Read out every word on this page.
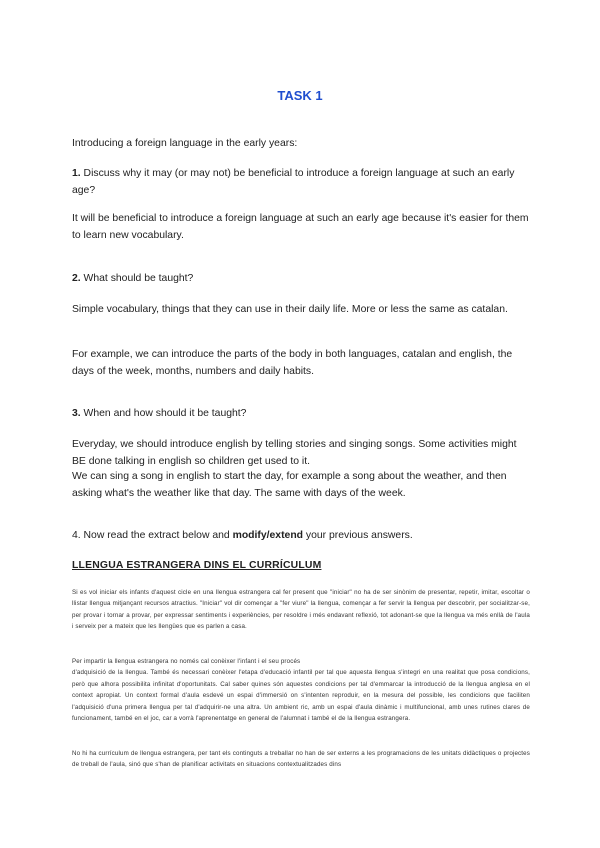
TASK 1

Introducing a foreign language in the early years:

1. Discuss why it may (or may not) be beneficial to introduce a foreign language at such an early age?

It will be beneficial to introduce a foreign language at such an early age because it's easier for them to learn new vocabulary.

2. What should be taught?

Simple vocabulary, things that they can use in their daily life. More or less the same as catalan.

For example, we can introduce the parts of the body in both languages, catalan and english, the days of the week, months, numbers and daily habits.

3. When and how should it be taught?

Everyday, we should introduce english by telling stories and singing songs. Some activities might BE done talking in english so children get used to it.

We can sing a song in english to start the day, for example a song about the weather, and then asking what's the weather like that day. The same with days of the week.

4. Now read the extract below and modify/extend your previous answers.

LLENGUA ESTRANGERA DINS EL CURRÍCULUM

Si es vol iniciar els infants d'aquest cicle en una llengua estrangera cal fer present que "iniciar" no ha de ser sinònim de presentar, repetir, imitar, escoltar o llistar llengua mitjançant recursos atractius. "Iniciar" vol dir començar a "fer viure" la llengua, començar a fer servir la llengua per descobrir, per socialitzar-se, per provar i tornar a provar, per expressar sentiments i experiències, per resoldre i més endavant reflexió, tot adonant-se que la llengua va més enllà de l'aula i serveix per a mateix que les llengües que es parlen a casa.

Per impartir la llengua estrangera no només cal conèixer l'infant i el seu procés
d'adquisició de la llengua. També és necessari conèixer l'etapa d'educació infantil per tal que aquesta llengua s'integri en una realitat que posa condicions, però que alhora possibilita infinitat d'oportunitats. Cal saber quines són aquestes condicions per tal d'emmarcar la introducció de la llengua anglesa en el context apropiat. Un context formal d'aula esdevé un espai d'immersió on s'intenten reproduir, en la mesura del possible, les condicions que faciliten l'adquisició d'una primera llengua per tal d'adquirir-ne una altra. Un ambient ric, amb un espai d'aula dinàmic i multifuncional, amb unes rutines clares de funcionament, també en el joc, car a vorrà l'aprenentatge en general de l'alumnat i també el de la llengua estrangera.

No hi ha currículum de llengua estrangera, per tant els continguts a treballar no han de ser externs a les programacions de les unitats didàctiques o projectes de treball de l'aula, sinó que s'han de planificar activitats en situacions contextualitzades dins
